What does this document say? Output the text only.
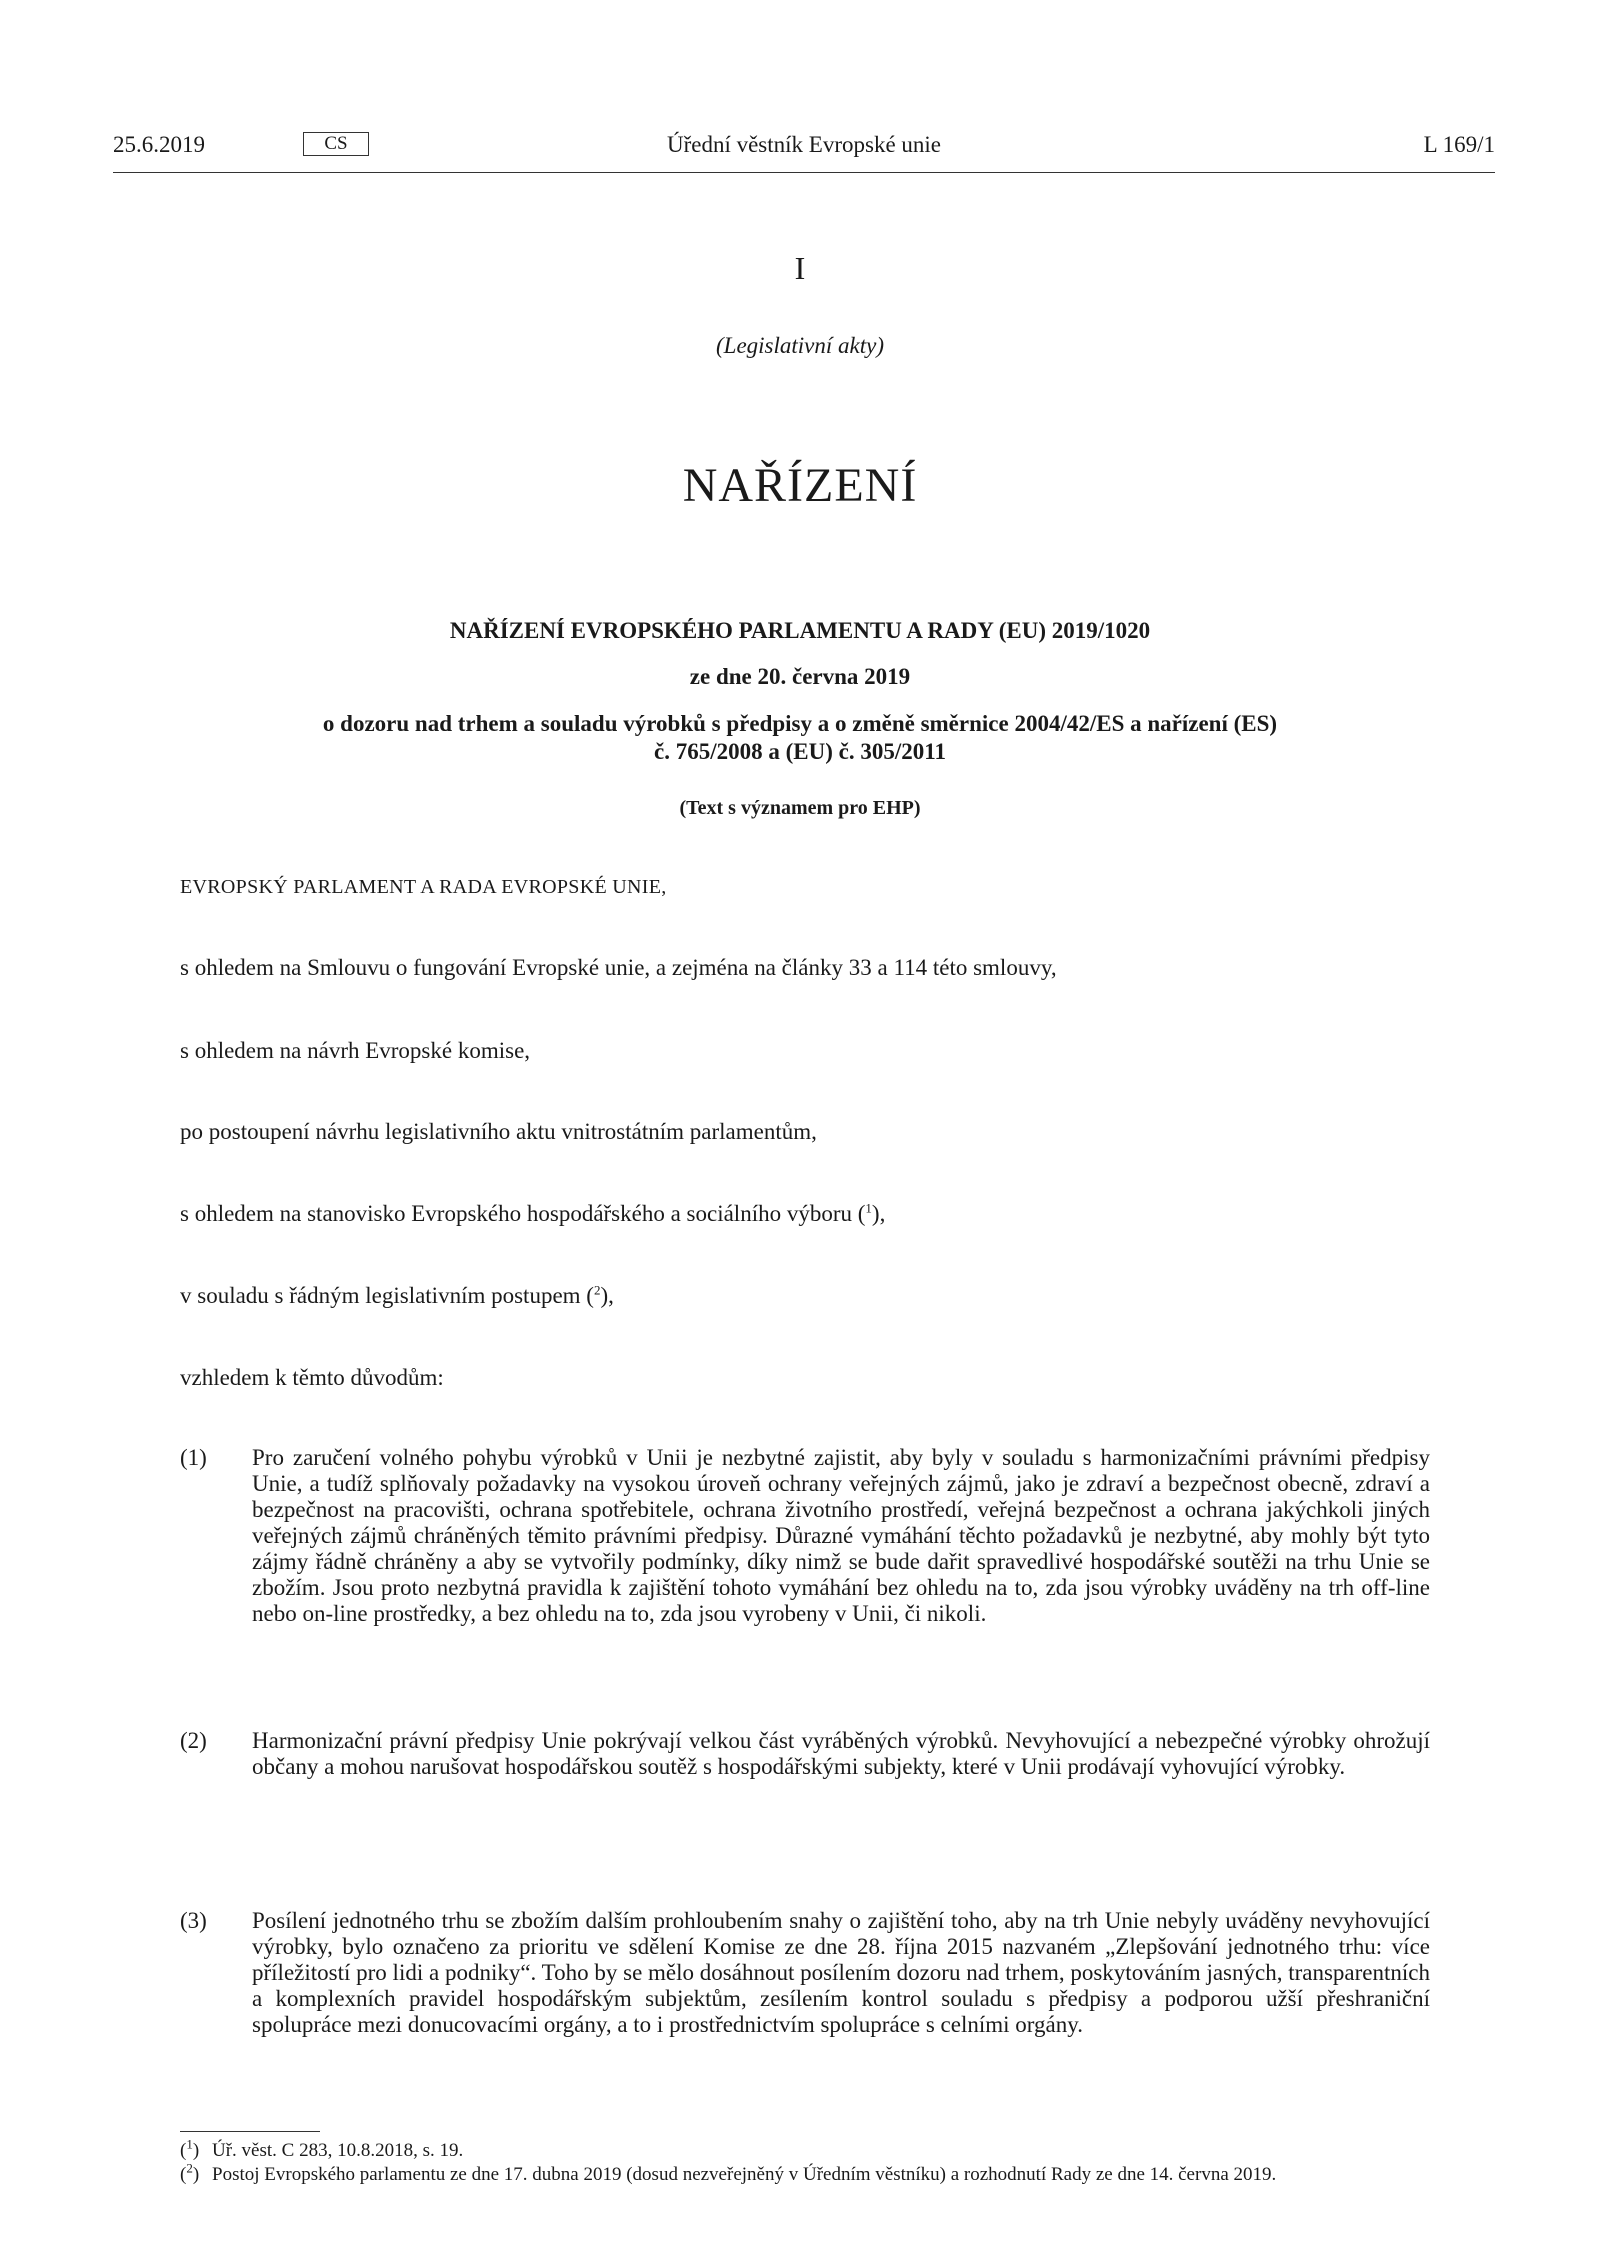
25.6.2019	CS	Úřední věstník Evropské unie	L 169/1
I
(Legislativní akty)
NAŘÍZENÍ
NAŘÍZENÍ EVROPSKÉHO PARLAMENTU A RADY (EU) 2019/1020
ze dne 20. června 2019
o dozoru nad trhem a souladu výrobků s předpisy a o změně směrnice 2004/42/ES a nařízení (ES)
č. 765/2008 a (EU) č. 305/2011
(Text s významem pro EHP)
EVROPSKÝ PARLAMENT A RADA EVROPSKÉ UNIE,
s ohledem na Smlouvu o fungování Evropské unie, a zejména na články 33 a 114 této smlouvy,
s ohledem na návrh Evropské komise,
po postoupení návrhu legislativního aktu vnitrostátním parlamentům,
s ohledem na stanovisko Evropského hospodářského a sociálního výboru ($^1$),
v souladu s řádným legislativním postupem ($^2$),
vzhledem k těmto důvodům:
(1) Pro zaručení volného pohybu výrobků v Unii je nezbytné zajistit, aby byly v souladu s harmonizačními právními předpisy Unie, a tudíž splňovaly požadavky na vysokou úroveň ochrany veřejných zájmů, jako je zdraví a bezpečnost obecně, zdraví a bezpečnost na pracovišti, ochrana spotřebitele, ochrana životního prostředí, veřejná bezpečnost a ochrana jakýchkoli jiných veřejných zájmů chráněných těmito právními předpisy. Důrazné vymáhání těchto požadavků je nezbytné, aby mohly být tyto zájmy řádně chráněny a aby se vytvořily podmínky, díky nimž se bude dařit spravedlivé hospodářské soutěži na trhu Unie se zbožím. Jsou proto nezbytná pravidla k zajištění tohoto vymáhání bez ohledu na to, zda jsou výrobky uváděny na trh off-line nebo on-line prostředky, a bez ohledu na to, zda jsou vyrobeny v Unii, či nikoli.
(2) Harmonizační právní předpisy Unie pokrývají velkou část vyráběných výrobků. Nevyhovující a nebezpečné výrobky ohrožují občany a mohou narušovat hospodářskou soutěž s hospodářskými subjekty, které v Unii prodávají vyhovující výrobky.
(3) Posílení jednotného trhu se zbožím dalším prohloubením snahy o zajištění toho, aby na trh Unie nebyly uváděny nevyhovující výrobky, bylo označeno za prioritu ve sdělení Komise ze dne 28. října 2015 nazvaném „Zlepšování jednotného trhu: více příležitostí pro lidi a podniky“. Toho by se mělo dosáhnout posílením dozoru nad trhem, poskytováním jasných, transparentních a komplexních pravidel hospodářským subjektům, zesílením kontrol souladu s předpisy a podporou užší přeshraniční spolupráce mezi donucovacími orgány, a to i prostřednictvím spolupráce s celními orgány.
($^1$) Úř. věst. C 283, 10.8.2018, s. 19.
($^2$) Postoj Evropského parlamentu ze dne 17. dubna 2019 (dosud nezveřejněný v Úředním věstníku) a rozhodnutí Rady ze dne 14. června 2019.
